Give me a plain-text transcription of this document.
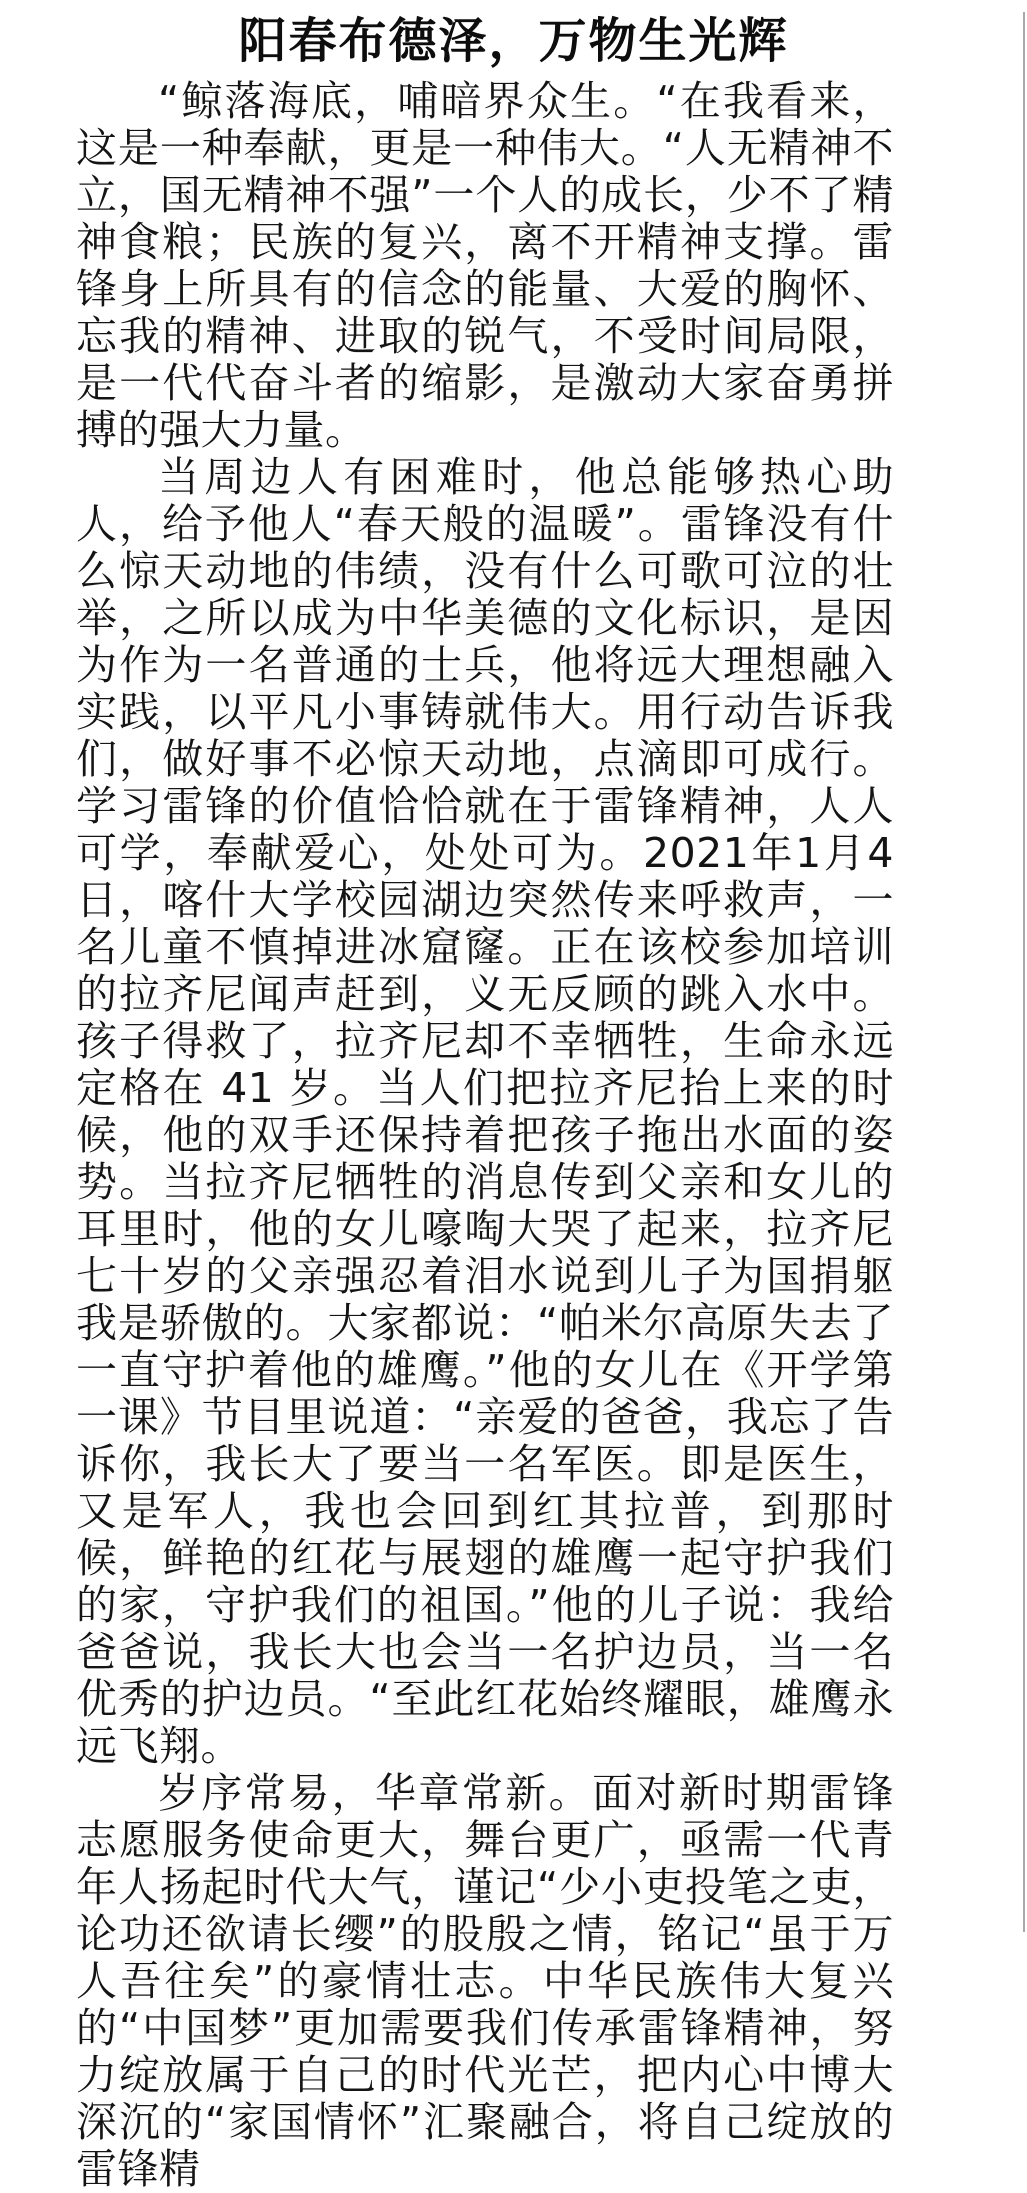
阳春布德泽，万物生光辉

“鲸落海底，哺暗界众生。“在我看来，这是一种奉献，更是一种伟大。“人无精神不立，国无精神不强”一个人的成长，少不了精神食粮；民族的复兴，离不开精神支撑。雷锋身上所具有的信念的能量、大爱的胸怀、忘我的精神、进取的锐气，不受时间局限，是一代代奋斗者的缩影，是激动大家奋勇拼搏的强大力量。

当周边人有困难时，他总能够热心助人，给予他人“春天般的温暖”。雷锋没有什么惊天动地的伟绩，没有什么可歌可泣的壮举，之所以成为中华美德的文化标识，是因为作为一名普通的士兵，他将远大理想融入实践，以平凡小事铸就伟大。用行动告诉我们，做好事不必惊天动地，点滴即可成行。学习雷锋的价值恰恰就在于雷锋精神，人人可学，奉献爱心，处处可为。2021年1月4日，喀什大学校园湖边突然传来呼救声，一名儿童不慎掉进冰窟窿。正在该校参加培训的拉齐尼闻声赶到，义无反顾的跳入水中。孩子得救了，拉齐尼却不幸牺牲，生命永远定格在 41 岁。当人们把拉齐尼抬上来的时候，他的双手还保持着把孩子拖出水面的姿势。当拉齐尼牺牲的消息传到父亲和女儿的耳里时，他的女儿嚎啕大哭了起来，拉齐尼七十岁的父亲强忍着泪水说到儿子为国捐躯我是骄傲的。大家都说：“帕米尔高原失去了一直守护着他的雄鹰。”他的女儿在《开学第一课》节目里说道：“亲爱的爸爸，我忘了告诉你，我长大了要当一名军医。即是医生，又是军人，我也会回到红其拉普，到那时候，鲜艳的红花与展翅的雄鹰一起守护我们的家，守护我们的祖国。”他的儿子说：我给爸爸说，我长大也会当一名护边员，当一名优秀的护边员。“至此红花始终耀眼，雄鹰永远飞翔。

岁序常易，华章常新。面对新时期雷锋志愿服务使命更大，舞台更广，亟需一代青年人扬起时代大气，谨记“少小吏投笔之吏，论功还欲请长缨”的股殷之情，铭记“虽于万人吾往矣”的豪情壮志。中华民族伟大复兴的“中国梦”更加需要我们传承雷锋精神，努力绽放属于自己的时代光芒，把内心中博大深沉的“家国情怀”汇聚融合，将自己绽放的雷锋精
